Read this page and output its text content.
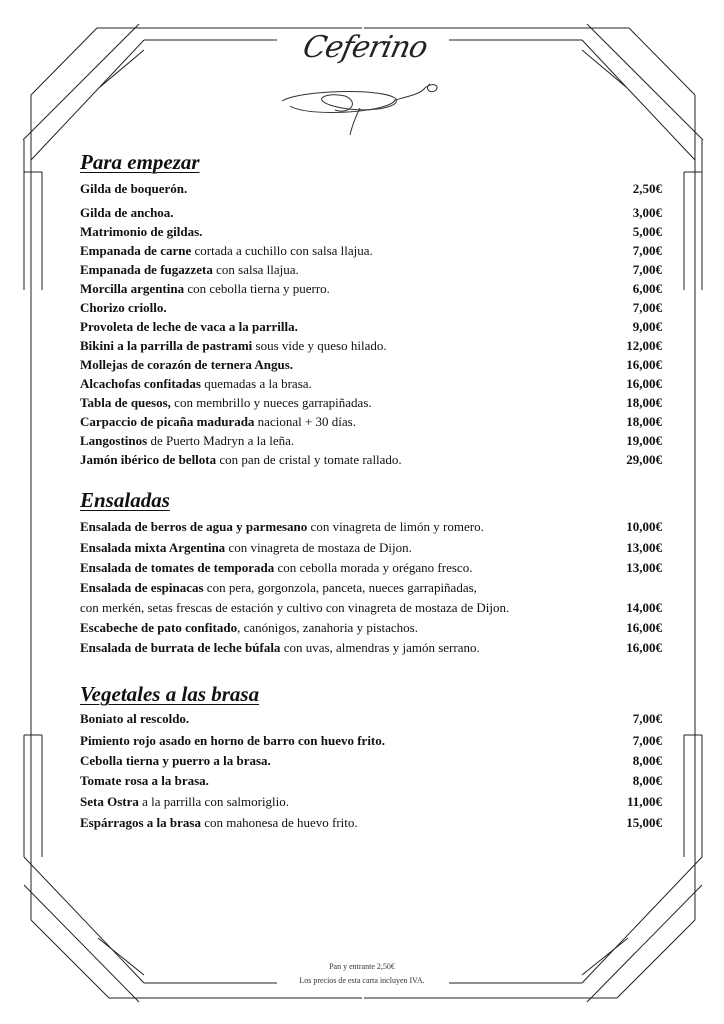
Ceferino
Para empezar
Gilda de boquerón.	2,50€
Gilda de anchoa.	3,00€
Matrimonio de gildas.	5,00€
Empanada de carne cortada a cuchillo con salsa llajua.	7,00€
Empanada de fugazzeta con salsa llajua.	7,00€
Morcilla argentina con cebolla tierna y puerro.	6,00€
Chorizo criollo.	7,00€
Provoleta de leche de vaca a la parrilla.	9,00€
Bikini a la parrilla de pastrami sous vide y queso hilado.	12,00€
Mollejas de corazón de ternera Angus.	16,00€
Alcachofas confitadas quemadas a la brasa.	16,00€
Tabla de quesos, con membrillo y nueces garrapiñadas.	18,00€
Carpaccio de picaña madurada nacional + 30 días.	18,00€
Langostinos de Puerto Madryn a la leña.	19,00€
Jamón ibérico de bellota con pan de cristal y tomate rallado.	29,00€
Ensaladas
Ensalada de berros de agua y parmesano con vinagreta de limón y romero.	10,00€
Ensalada mixta Argentina con vinagreta de mostaza de Dijon.	13,00€
Ensalada de tomates de temporada con cebolla morada y orégano fresco.	13,00€
Ensalada de espinacas con pera, gorgonzola, panceta, nueces garrapiñadas,
con merkén, setas frescas de estación y cultivo con vinagreta de mostaza de Dijon.	14,00€
Escabeche de pato confitado, canónigos, zanahoria y pistachos.	16,00€
Ensalada de burrata de leche búfala con uvas, almendras y jamón serrano.	16,00€
Vegetales a las brasa
Boniato al rescoldo.	7,00€
Pimiento rojo asado en horno de barro con huevo frito.	7,00€
Cebolla tierna y puerro a la brasa.	8,00€
Tomate rosa a la brasa.	8,00€
Seta Ostra a la parrilla con salmoriglio.	11,00€
Espárragos a la brasa con mahonesa de huevo frito.	15,00€
Pan y entrante 2,50€
Los precios de esta carta incluyen IVA.
